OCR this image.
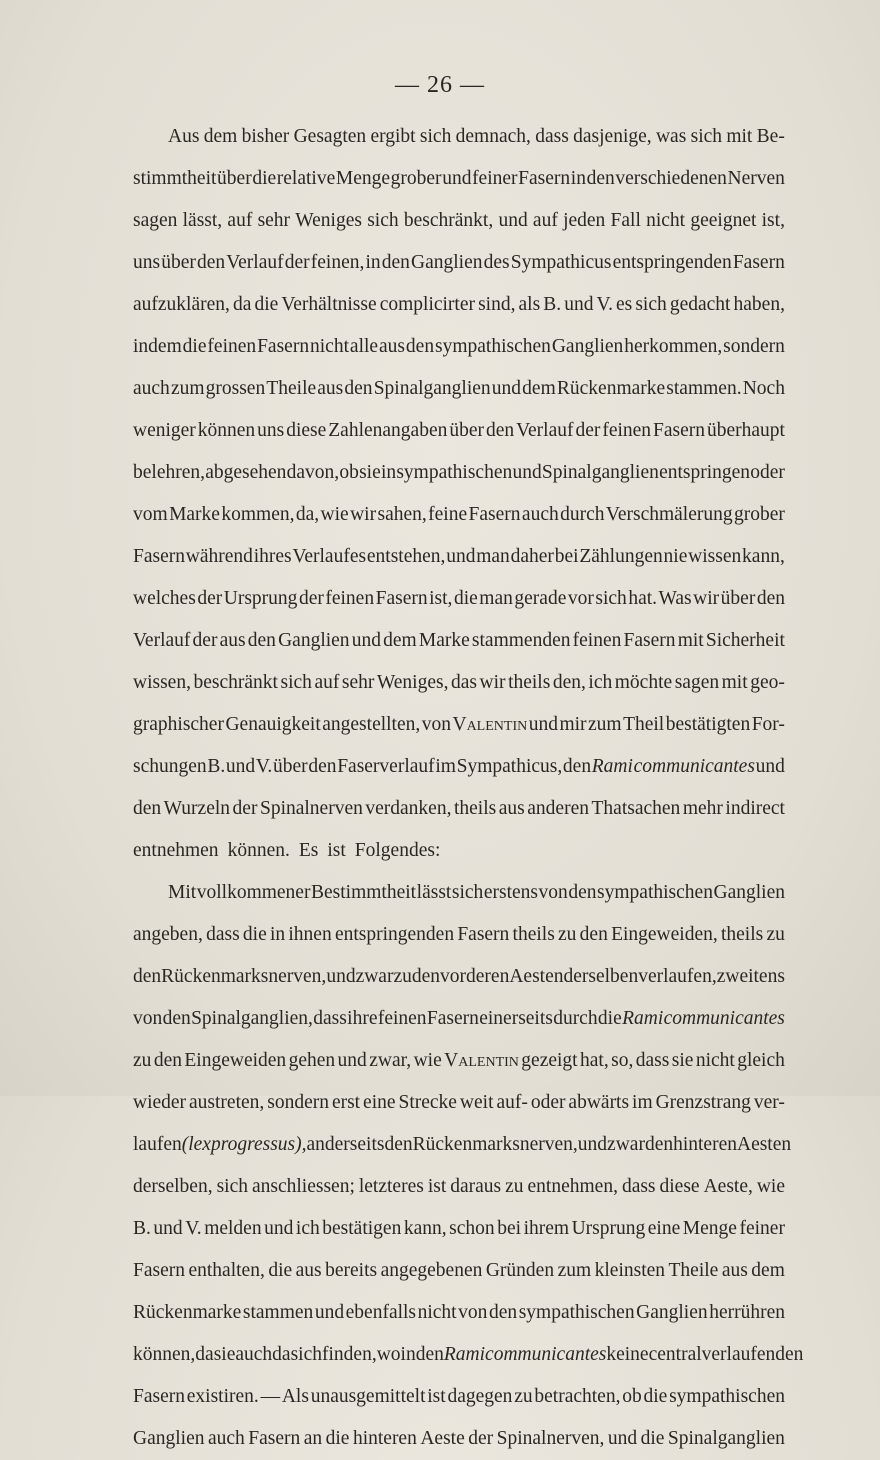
— 26 —
Aus dem bisher Gesagten ergibt sich demnach, dass dasjenige, was sich mit Be-
stimmtheit über die relative Menge grober und feiner Fasern in den verschiedenen Nerven
sagen lässt, auf sehr Weniges sich beschränkt, und auf jeden Fall nicht geeignet ist,
uns über den Verlauf der feinen, in den Ganglien des Sympathicus entspringenden Fasern
aufzuklären, da die Verhältnisse complicirter sind, als B. und V. es sich gedacht haben,
indem die feinen Fasern nicht alle aus den sympathischen Ganglien herkommen, sondern
auch zum grossen Theile aus den Spinalganglien und dem Rückenmarke stammen. Noch
weniger können uns diese Zahlenangaben über den Verlauf der feinen Fasern überhaupt
belehren, abgesehen davon, ob sie in sympathischen und Spinalganglien entspringen oder
vom Marke kommen, da, wie wir sahen, feine Fasern auch durch Verschmälerung grober
Fasern während ihres Verlaufes entstehen, und man daher bei Zählungen nie wissen kann,
welches der Ursprung der feinen Fasern ist, die man gerade vor sich hat. Was wir über den
Verlauf der aus den Ganglien und dem Marke stammenden feinen Fasern mit Sicherheit
wissen, beschränkt sich auf sehr Weniges, das wir theils den, ich möchte sagen mit geo-
graphischer Genauigkeit angestellten, von Valentin und mir zum Theil bestätigten For-
schungen B. und V. über den Faserverlauf im Sympathicus, den Rami communicantes und
den Wurzeln der Spinalnerven verdanken, theils aus anderen Thatsachen mehr indirect
entnehmen können. Es ist Folgendes:
Mit vollkommener Bestimmtheit lässt sich erstens von den sympathischen Ganglien
angeben, dass die in ihnen entspringenden Fasern theils zu den Eingeweiden, theils zu
den Rückenmarksnerven, und zwar zu den vorderen Aesten derselben verlaufen, zweitens
von den Spinalganglien, dass ihre feinen Fasern einerseits durch die Rami communicantes
zu den Eingeweiden gehen und zwar, wie Valentin gezeigt hat, so, dass sie nicht gleich
wieder austreten, sondern erst eine Strecke weit auf- oder abwärts im Grenzstrang ver-
laufen (lex progressus), anderseits den Rückenmarksnerven, und zwar den hinteren Aesten
derselben, sich anschliessen; letzteres ist daraus zu entnehmen, dass diese Aeste, wie
B. und V. melden und ich bestätigen kann, schon bei ihrem Ursprung eine Menge feiner
Fasern enthalten, die aus bereits angegebenen Gründen zum kleinsten Theile aus dem
Rückenmarke stammen und ebenfalls nicht von den sympathischen Ganglien herrühren
können, da sie auch da sich finden, wo in den Rami communicantes keine central verlaufenden
Fasern existiren. — Als unausgemittelt ist dagegen zu betrachten, ob die sympathischen
Ganglien auch Fasern an die hinteren Aeste der Spinalnerven, und die Spinalganglien
